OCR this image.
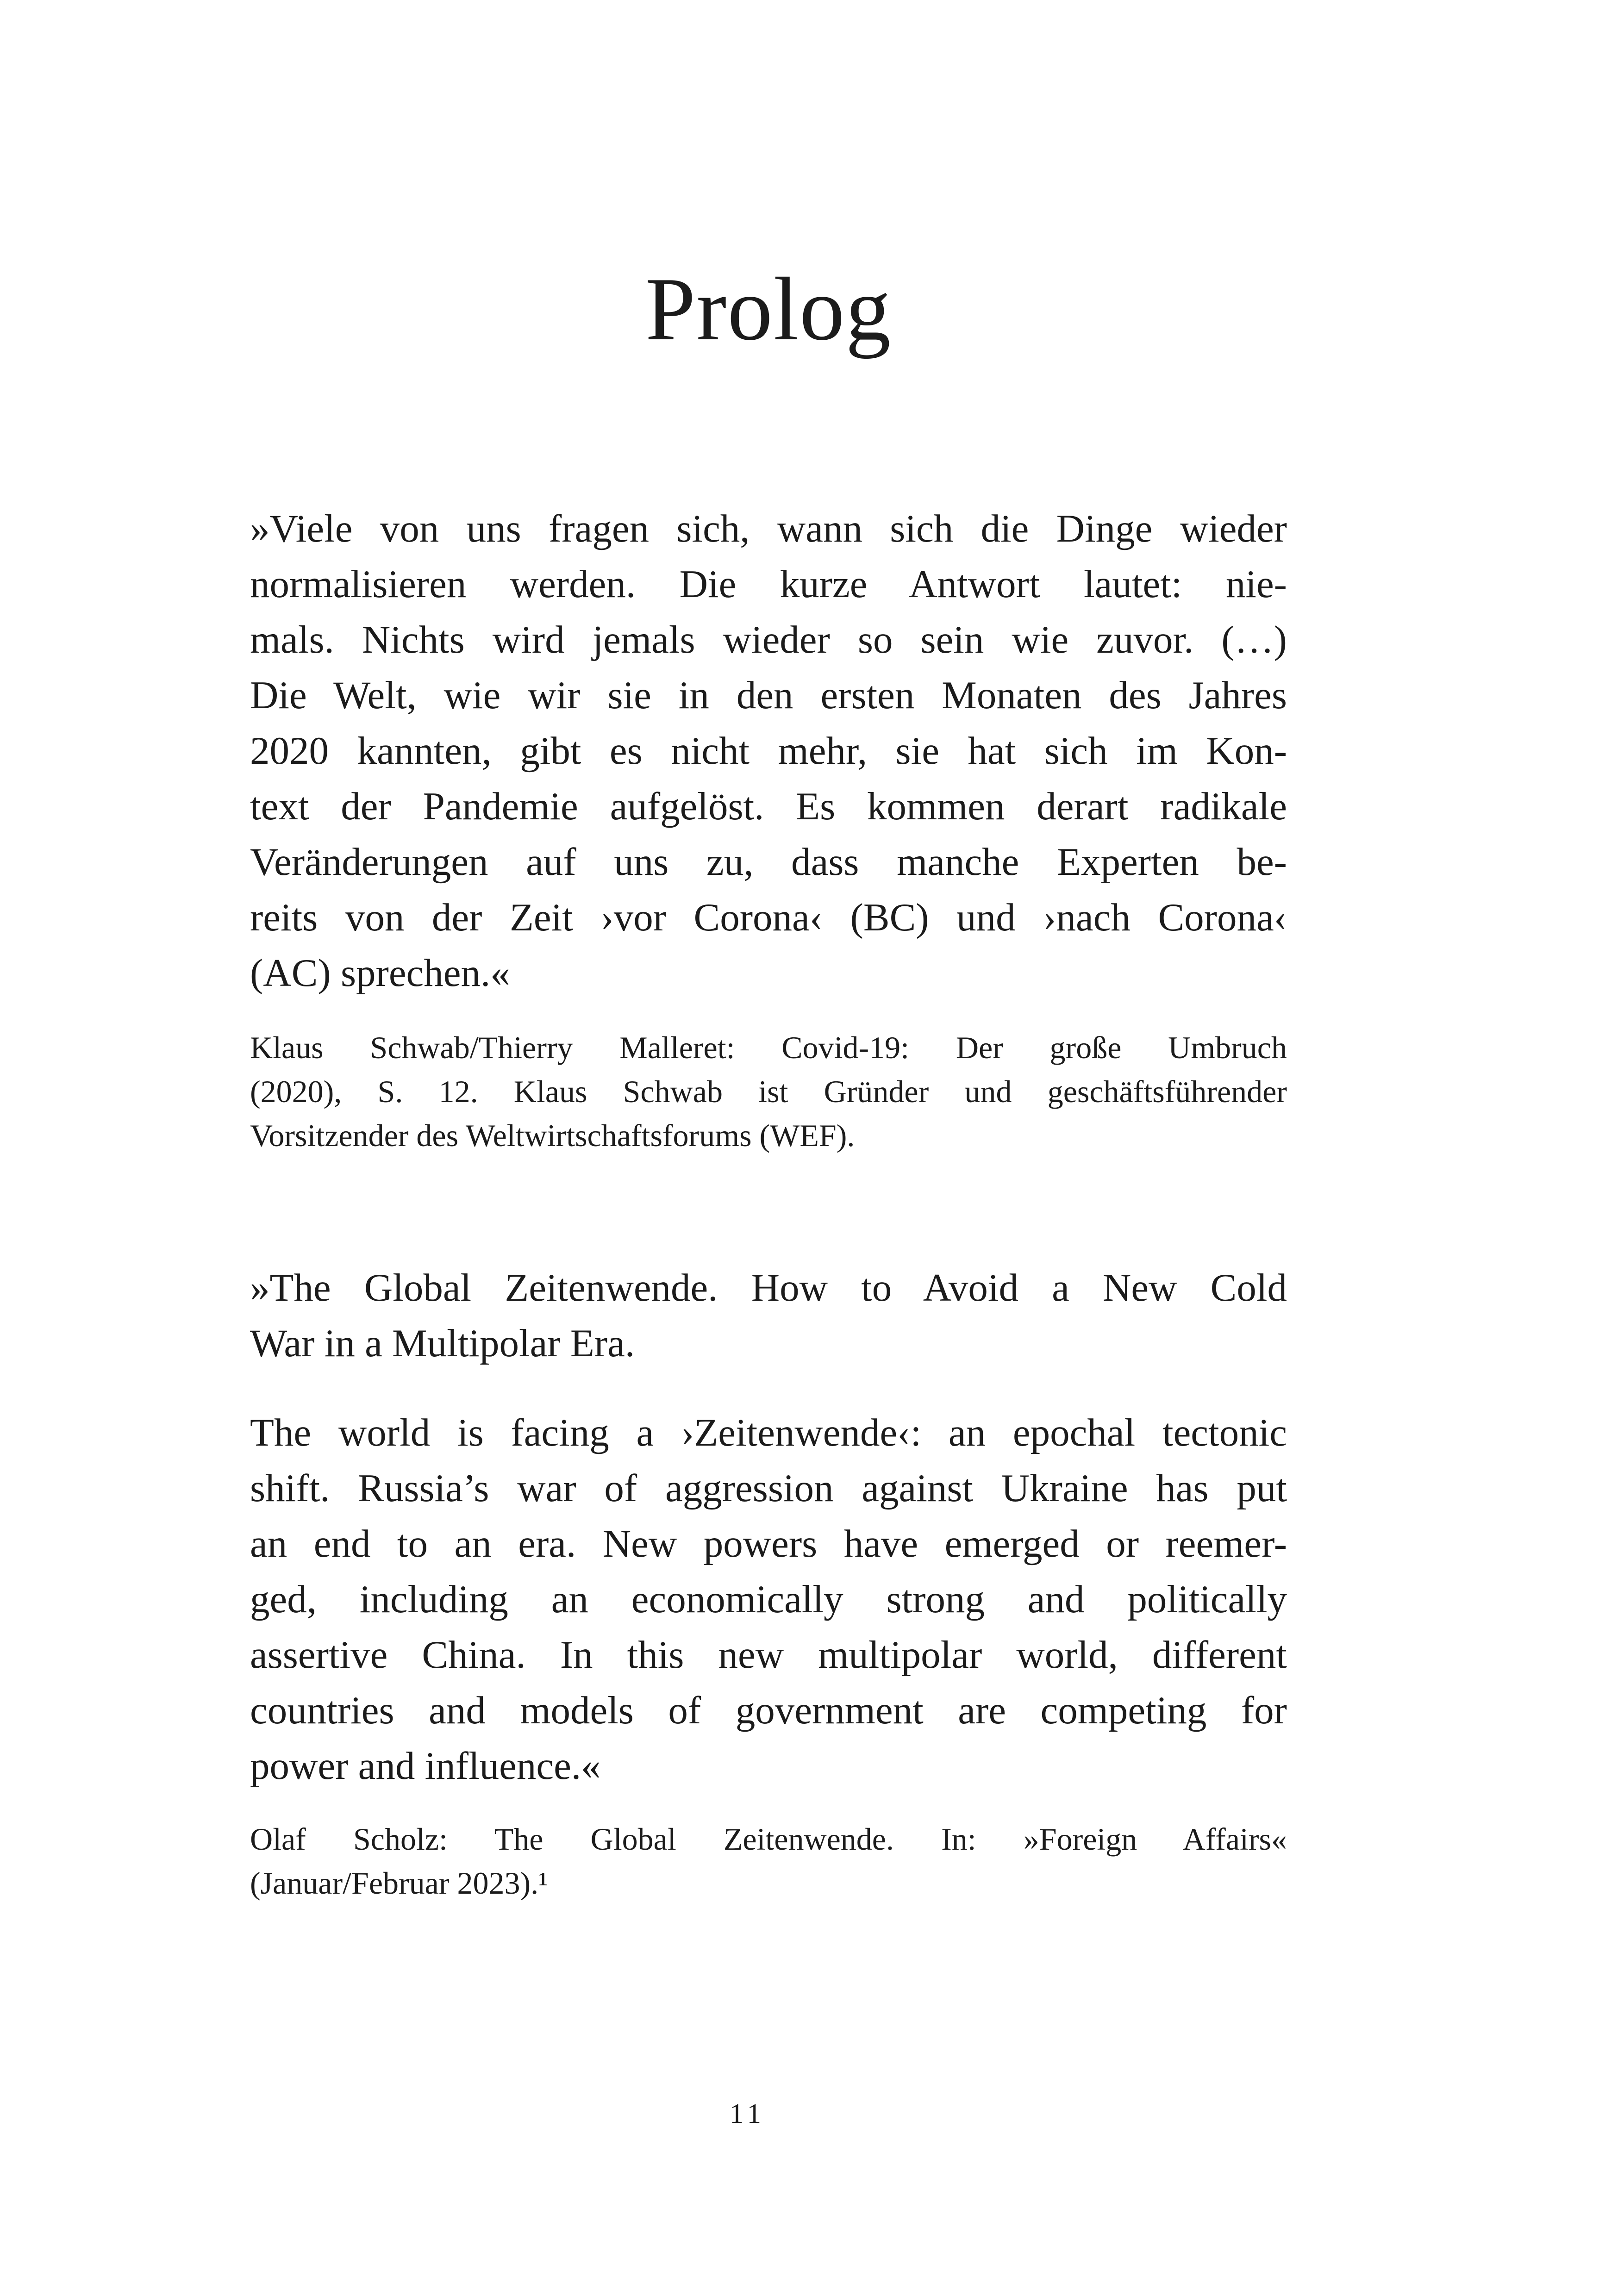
Prolog
»Viele von uns fragen sich, wann sich die Dinge wieder
normalisieren werden. Die kurze Antwort lautet: nie-
mals. Nichts wird jemals wieder so sein wie zuvor. (…)
Die Welt, wie wir sie in den ersten Monaten des Jahres
2020 kannten, gibt es nicht mehr, sie hat sich im Kon-
text der Pandemie aufgelöst. Es kommen derart radikale
Veränderungen auf uns zu, dass manche Experten be-
reits von der Zeit ›vor Corona‹ (BC) und ›nach Corona‹
(AC) sprechen.«
Klaus Schwab/Thierry Malleret: Covid-19: Der große Umbruch
(2020), S. 12. Klaus Schwab ist Gründer und geschäftsführender
Vorsitzender des Weltwirtschaftsforums (WEF).
»The Global Zeitenwende. How to Avoid a New Cold
War in a Multipolar Era.
The world is facing a ›Zeitenwende‹: an epochal tectonic
shift. Russia’s war of aggression against Ukraine has put
an end to an era. New powers have emerged or reemer-
ged, including an economically strong and politically
assertive China. In this new multipolar world, different
countries and models of government are competing for
power and influence.«
Olaf Scholz: The Global Zeitenwende. In: »Foreign Affairs«
(Januar/Februar 2023).¹
11
